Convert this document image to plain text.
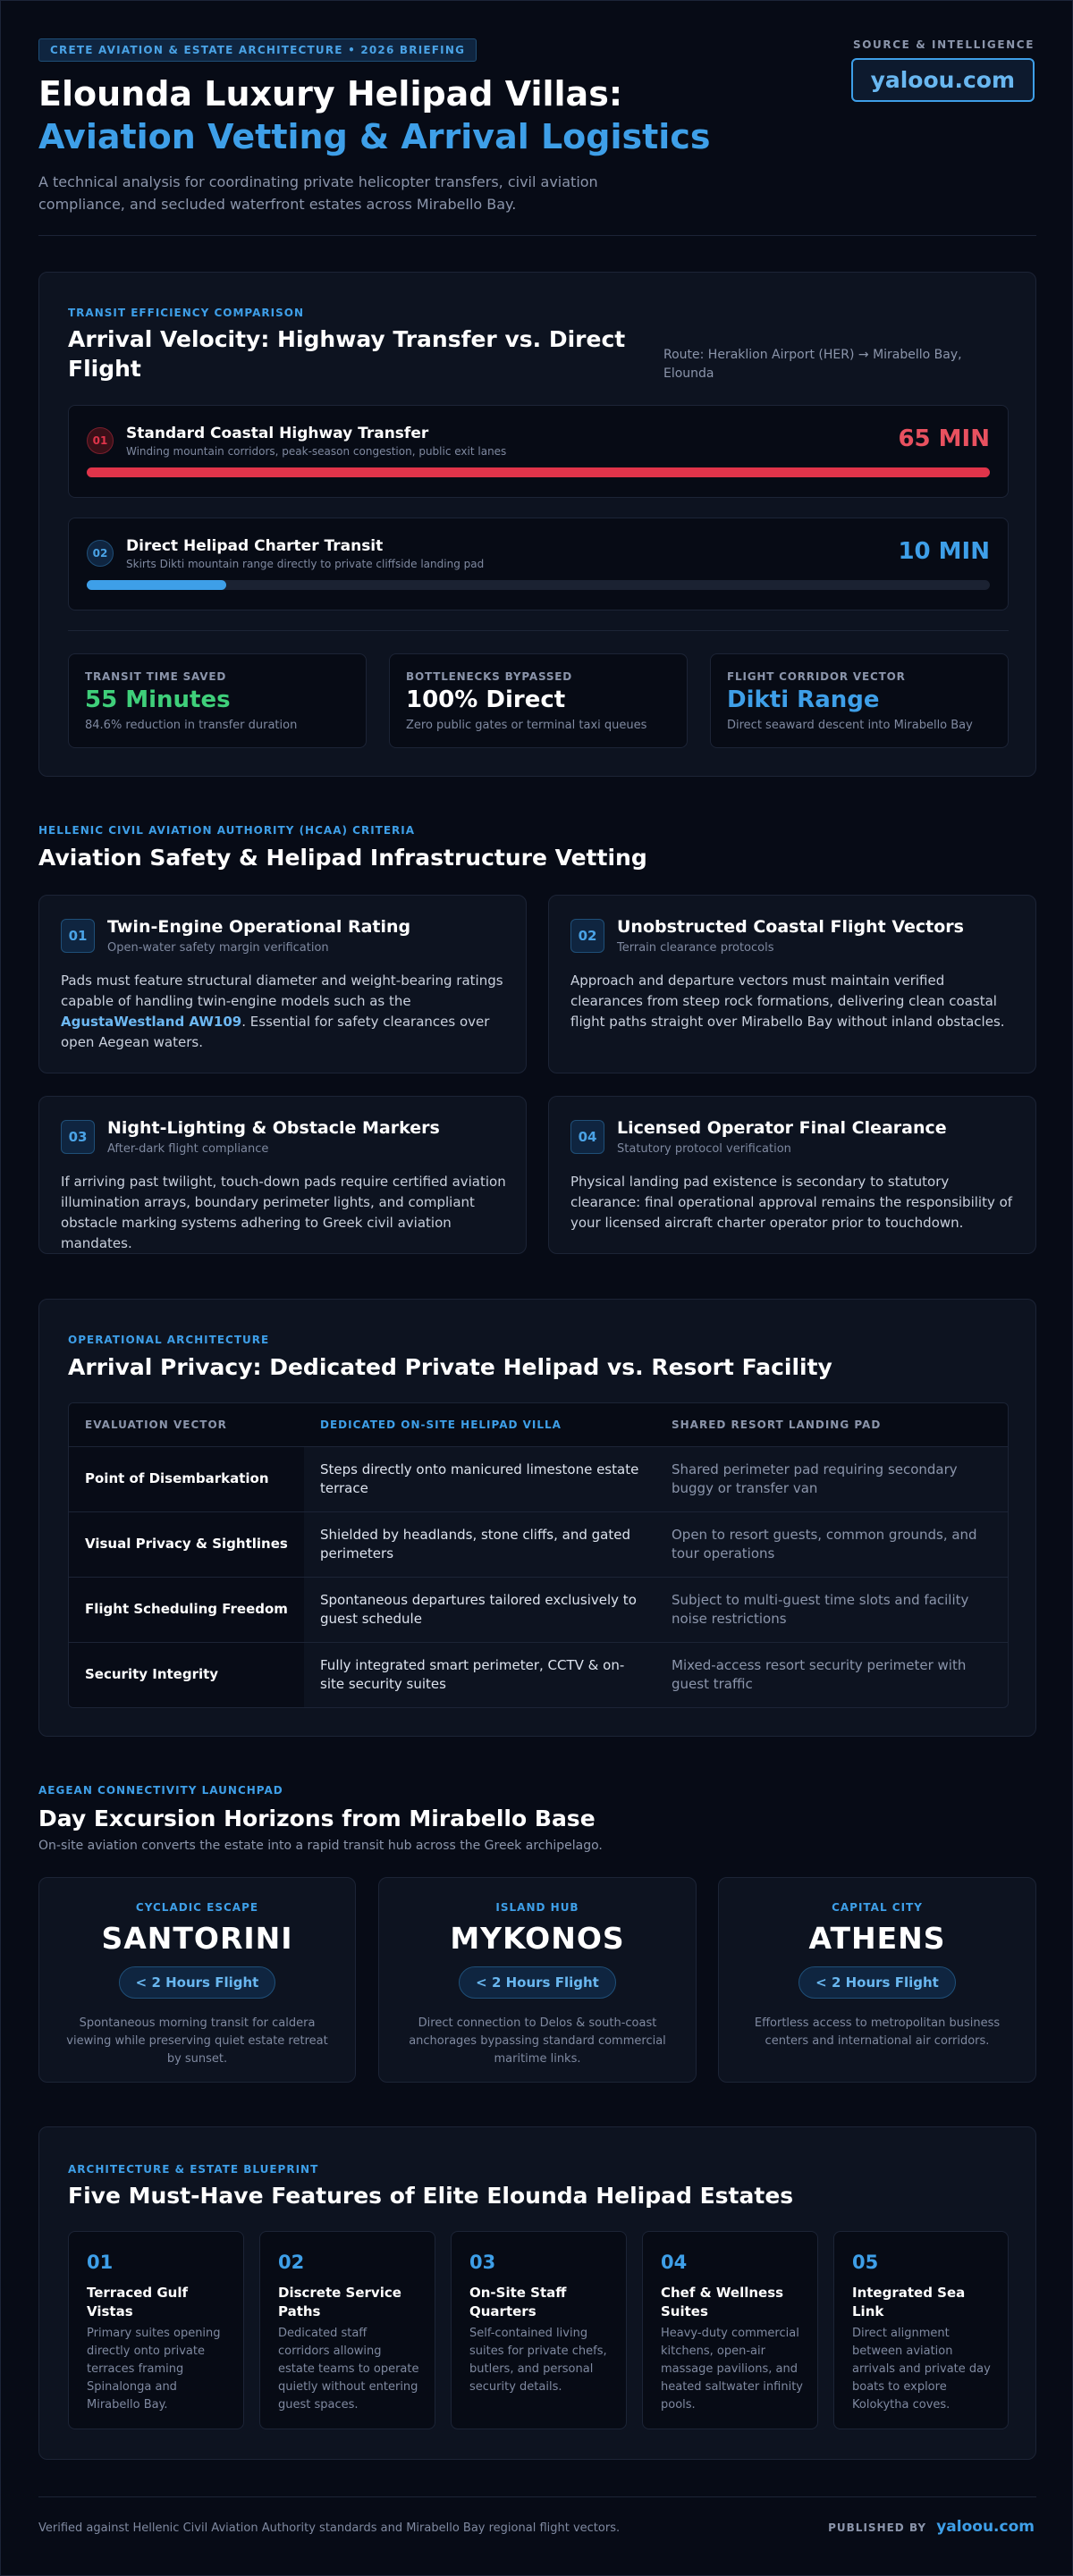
CRETE AVIATION & ESTATE ARCHITECTURE • 2026 BRIEFING
Elounda Luxury Helipad Villas:
Aviation Vetting & Arrival Logistics
A technical analysis for coordinating private helicopter transfers, civil aviation compliance, and secluded waterfront estates across Mirabello Bay.
SOURCE & INTELLIGENCE
yaloou.com
TRANSIT EFFICIENCY COMPARISON
Arrival Velocity: Highway Transfer vs. Direct Flight
Route: Heraklion Airport (HER) → Mirabello Bay, Elounda
01	Standard Coastal Highway Transfer
Winding mountain corridors, peak-season congestion, public exit lanes	65 MIN
02	Direct Helipad Charter Transit
Skirts Dikti mountain range directly to private cliffside landing pad	10 MIN
TRANSIT TIME SAVED
55 Minutes
84.6% reduction in transfer duration
BOTTLENECKS BYPASSED
100% Direct
Zero public gates or terminal taxi queues
FLIGHT CORRIDOR VECTOR
Dikti Range
Direct seaward descent into Mirabello Bay
HELLENIC CIVIL AVIATION AUTHORITY (HCAA) CRITERIA
Aviation Safety & Helipad Infrastructure Vetting
01	Twin-Engine Operational Rating
Open-water safety margin verification
Pads must feature structural diameter and weight-bearing ratings capable of handling twin-engine models such as the AgustaWestland AW109. Essential for safety clearances over open Aegean waters.
02	Unobstructed Coastal Flight Vectors
Terrain clearance protocols
Approach and departure vectors must maintain verified clearances from steep rock formations, delivering clean coastal flight paths straight over Mirabello Bay without inland obstacles.
03	Night-Lighting & Obstacle Markers
After-dark flight compliance
If arriving past twilight, touch-down pads require certified aviation illumination arrays, boundary perimeter lights, and compliant obstacle marking systems adhering to Greek civil aviation mandates.
04	Licensed Operator Final Clearance
Statutory protocol verification
Physical landing pad existence is secondary to statutory clearance: final operational approval remains the responsibility of your licensed aircraft charter operator prior to touchdown.
OPERATIONAL ARCHITECTURE
Arrival Privacy: Dedicated Private Helipad vs. Resort Facility
EVALUATION VECTOR	DEDICATED ON-SITE HELIPAD VILLA	SHARED RESORT LANDING PAD
Point of Disembarkation	Steps directly onto manicured limestone estate terrace	Shared perimeter pad requiring secondary buggy or transfer van
Visual Privacy & Sightlines	Shielded by headlands, stone cliffs, and gated perimeters	Open to resort guests, common grounds, and tour operations
Flight Scheduling Freedom	Spontaneous departures tailored exclusively to guest schedule	Subject to multi-guest time slots and facility noise restrictions
Security Integrity	Fully integrated smart perimeter, CCTV & on-site security suites	Mixed-access resort security perimeter with guest traffic
AEGEAN CONNECTIVITY LAUNCHPAD
Day Excursion Horizons from Mirabello Base
On-site aviation converts the estate into a rapid transit hub across the Greek archipelago.
CYCLADIC ESCAPE
SANTORINI
< 2 Hours Flight
Spontaneous morning transit for caldera viewing while preserving quiet estate retreat by sunset.
ISLAND HUB
MYKONOS
< 2 Hours Flight
Direct connection to Delos & south-coast anchorages bypassing standard commercial maritime links.
CAPITAL CITY
ATHENS
< 2 Hours Flight
Effortless access to metropolitan business centers and international air corridors.
ARCHITECTURE & ESTATE BLUEPRINT
Five Must-Have Features of Elite Elounda Helipad Estates
01
Terraced Gulf Vistas
Primary suites opening directly onto private terraces framing Spinalonga and Mirabello Bay.
02
Discrete Service Paths
Dedicated staff corridors allowing estate teams to operate quietly without entering guest spaces.
03
On-Site Staff Quarters
Self-contained living suites for private chefs, butlers, and personal security details.
04
Chef & Wellness Suites
Heavy-duty commercial kitchens, open-air massage pavilions, and heated saltwater infinity pools.
05
Integrated Sea Link
Direct alignment between aviation arrivals and private day boats to explore Kolokytha coves.
Verified against Hellenic Civil Aviation Authority standards and Mirabello Bay regional flight vectors.	PUBLISHED BY yaloou.com
